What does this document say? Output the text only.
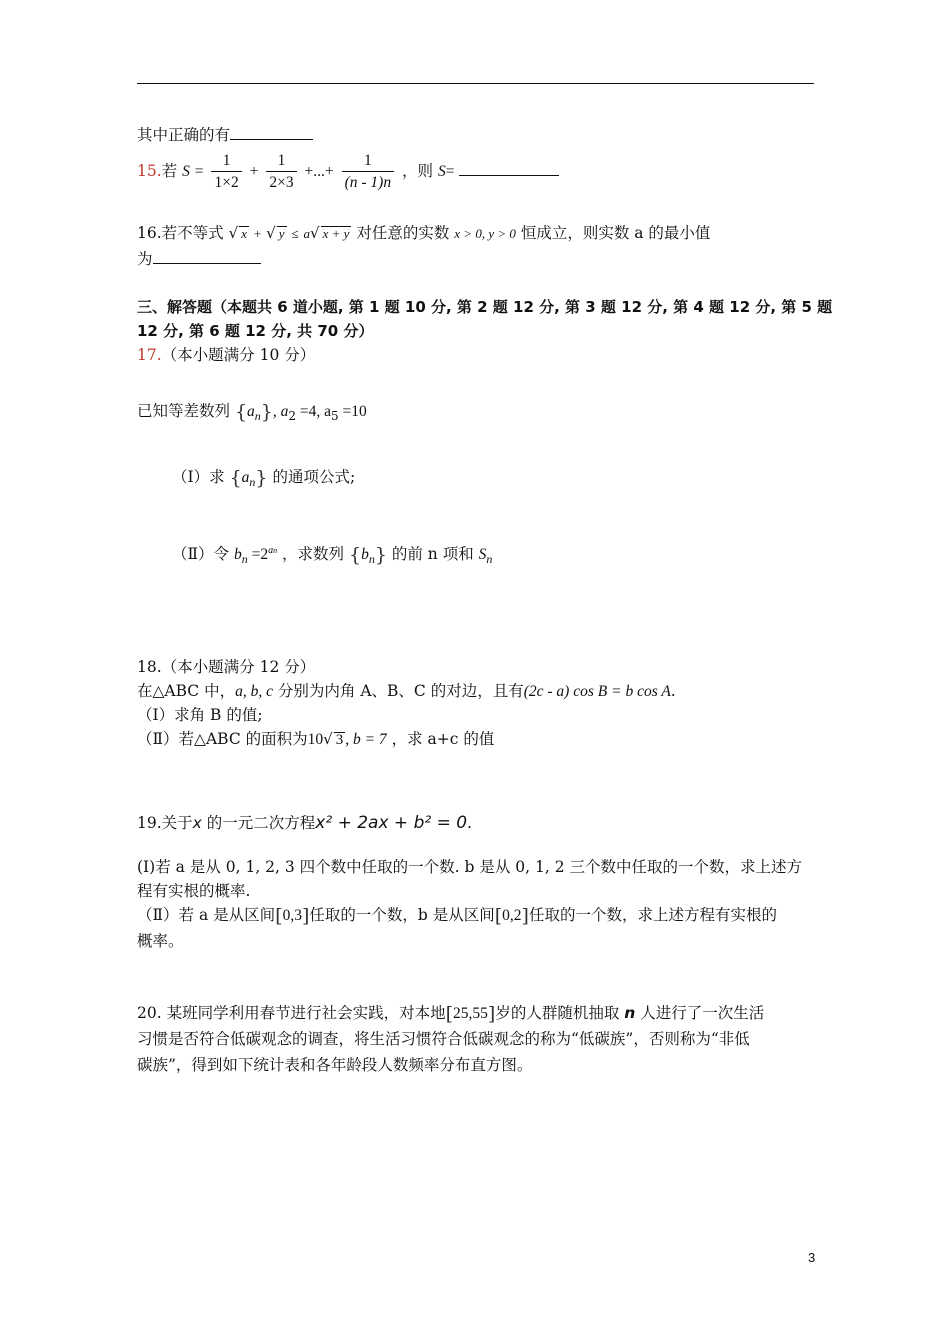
其中正确的有
15.若 $S = \frac{1}{1\times 2} + \frac{1}{2\times 3}$ +...+ $\frac{1}{(n - 1)n}$ ，则 S=
16.若不等式 √ x + √ y ≤ a√ x + y 对任意的实数 x > 0, y > 0 恒成立，则实数 a 的最小值
为
三、解答题（本题共 6 道小题, 第 1 题 10 分, 第 2 题 12 分, 第 3 题 12 分, 第 4 题 12 分, 第 5 题
12 分, 第 6 题 12 分, 共 70 分）
17.（本小题满分 10 分）
已知等差数列 $\{a_n\}$, $a_2 =4$, $a_5 =10$
（Ⅰ）求 $\{a_n\}$ 的通项公式;
（Ⅱ）令 $b_n =2^{an}$ ，求数列 $\{b_n\}$ 的前 n 项和 $S_n$
18.（本小题满分 12 分）
在△ABC 中，a, b, c 分别为内角 A、B、C 的对边，且有(2c - a) cos B = b cos A.
（I）求角 B 的值;
（Ⅱ）若△ABC 的面积为10√ 3 , b = 7 ，求 a+c 的值
19.关于x 的一元二次方程x² + 2ax + b² = 0.
(I)若 a 是从 0, 1, 2, 3 四个数中任取的一个数. b 是从 0, 1, 2 三个数中任取的一个数，求上述方
程有实根的概率.
（Ⅱ）若 a 是从区间[0,3]任取的一个数，b 是从区间[0,2]任取的一个数，求上述方程有实根的
概率。
20. 某班同学利用春节进行社会实践，对本地[25,55]岁的人群随机抽取 n 人进行了一次生活
习惯是否符合低碳观念的调查，将生活习惯符合低碳观念的称为“低碳族”，否则称为“非低
碳族”，得到如下统计表和各年龄段人数频率分布直方图。
3
